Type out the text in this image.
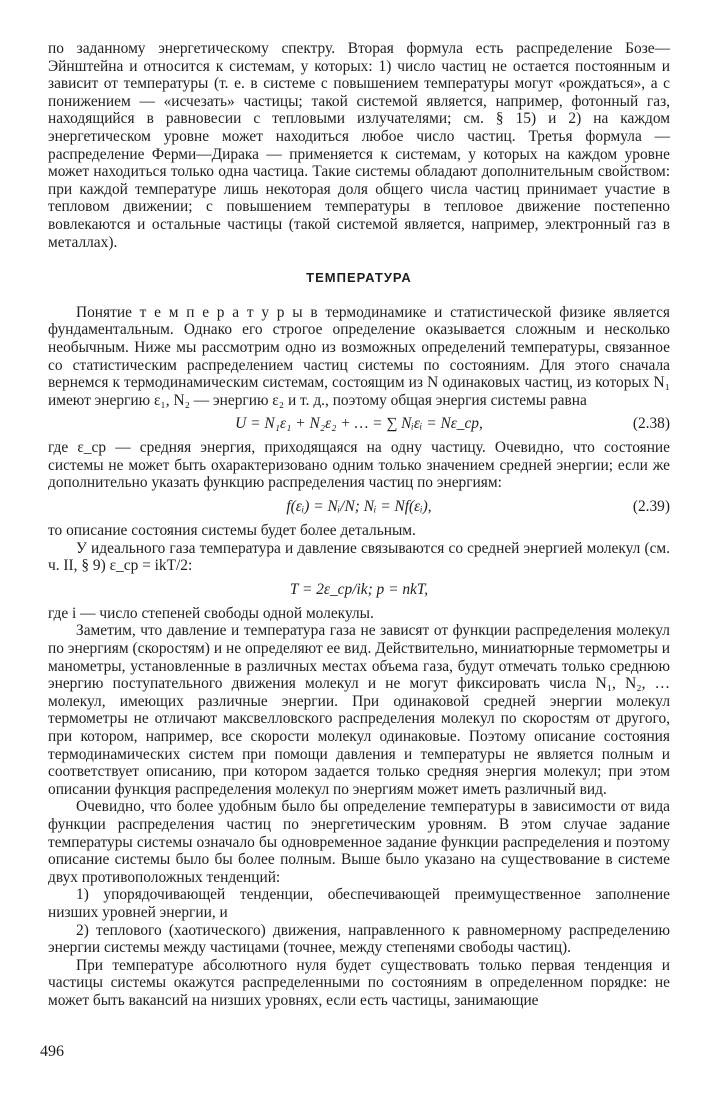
по заданному энергетическому спектру. Вторая формула есть распределение Бозе—Эйнштейна и относится к системам, у которых: 1) число частиц не остается постоянным и зависит от температуры (т. е. в системе с повышением температуры могут «рождаться», а с понижением — «исчезать» частицы; такой системой является, например, фотонный газ, находящийся в равновесии с тепловыми излучателями; см. § 15) и 2) на каждом энергетическом уровне может находиться любое число частиц. Третья формула — распределение Ферми—Дирака — применяется к системам, у которых на каждом уровне может находиться только одна частица. Такие системы обладают дополнительным свойством: при каждой температуре лишь некоторая доля общего числа частиц принимает участие в тепловом движении; с повышением температуры в тепловое движение постепенно вовлекаются и остальные частицы (такой системой является, например, электронный газ в металлах).

ТЕМПЕРАТУРА

Понятие т е м п е р а т у р ы в термодинамике и статистической физике является фундаментальным. Однако его строгое определение оказывается сложным и несколько необычным. Ниже мы рассмотрим одно из возможных определений температуры, связанное со статистическим распределением частиц системы по состояниям. Для этого сначала вернемся к термодинамическим системам, состоящим из N одинаковых частиц, из которых N₁ имеют энергию ε₁, N₂ — энергию ε₂ и т. д., поэтому общая энергия системы равна

U = N₁ε₁ + N₂ε₂ + … = ∑ Nᵢεᵢ = Nε_ср,	(2.38)

где ε_ср — средняя энергия, приходящаяся на одну частицу. Очевидно, что состояние системы не может быть охарактеризовано одним только значением средней энергии; если же дополнительно указать функцию распределения частиц по энергиям:

f(εᵢ) = Nᵢ/N; Nᵢ = Nf(εᵢ),	(2.39)

то описание состояния системы будет более детальным.

У идеального газа температура и давление связываются со средней энергией молекул (см. ч. II, § 9) ε_ср = ikT/2:

T = 2ε_ср/ik; p = nkT,

где i — число степеней свободы одной молекулы.

Заметим, что давление и температура газа не зависят от функции распределения молекул по энергиям (скоростям) и не определяют ее вид. Действительно, миниатюрные термометры и манометры, установленные в различных местах объема газа, будут отмечать только среднюю энергию поступательного движения молекул и не могут фиксировать числа N₁, N₂, … молекул, имеющих различные энергии. При одинаковой средней энергии молекул термометры не отличают максвелловского распределения молекул по скоростям от другого, при котором, например, все скорости молекул одинаковые. Поэтому описание состояния термодинамических систем при помощи давления и температуры не является полным и соответствует описанию, при котором задается только средняя энергия молекул; при этом описании функция распределения молекул по энергиям может иметь различный вид.

Очевидно, что более удобным было бы определение температуры в зависимости от вида функции распределения частиц по энергетическим уровням. В этом случае задание температуры системы означало бы одновременное задание функции распределения и поэтому описание системы было бы более полным. Выше было указано на существование в системе двух противоположных тенденций:

1) упорядочивающей тенденции, обеспечивающей преимущественное заполнение низших уровней энергии, и

2) теплового (хаотического) движения, направленного к равномерному распределению энергии системы между частицами (точнее, между степенями свободы частиц).

При температуре абсолютного нуля будет существовать только первая тенденция и частицы системы окажутся распределенными по состояниям в определенном порядке: не может быть вакансий на низших уровнях, если есть частицы, занимающие

496
